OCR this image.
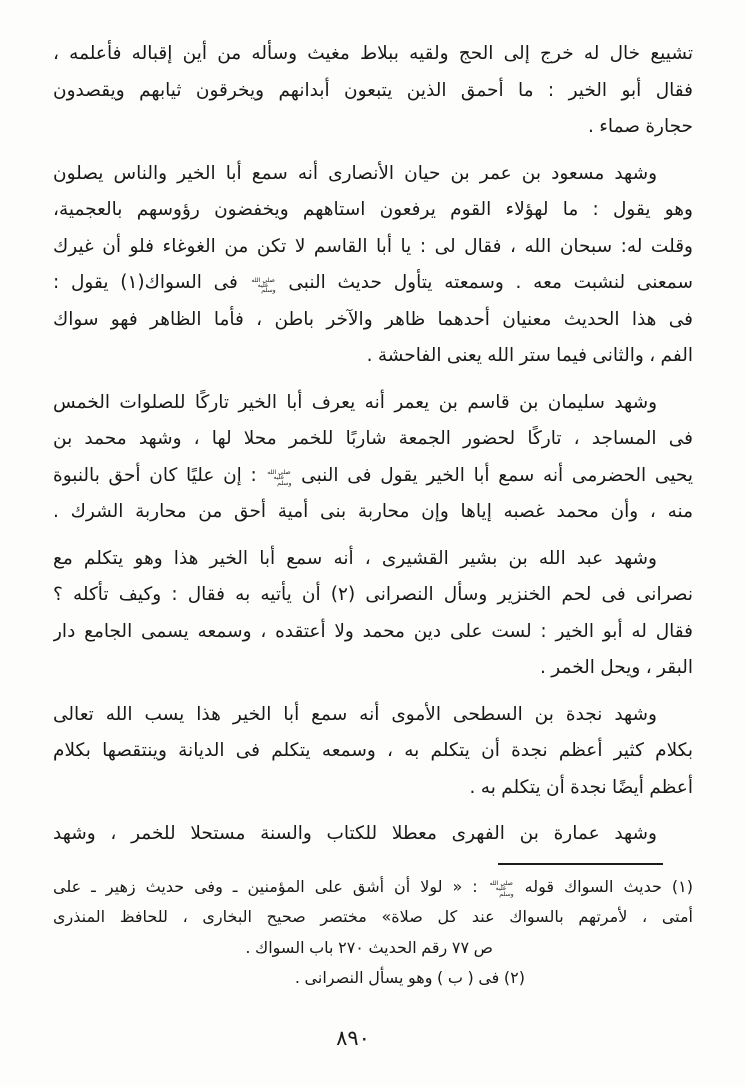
تشييع خال له خرج إلى الحج ولقيه ببلاط مغيث وسأله من أين إقباله فأعلمه ،
فقال أبو الخير : ما أحمق الذين يتبعون أبدانهم ويخرقون ثيابهم ويقصدون
حجارة صماء .
وشهد مسعود بن عمر بن حيان الأنصارى أنه سمع أبا الخير والناس يصلون
وهو يقول : ما لهؤلاء القوم يرفعون استاههم ويخفضون رؤوسهم بالعجمية،
وقلت له: سبحان الله ، فقال لى : يا أبا القاسم لا تكن من الغوغاء فلو أن غيرك
سمعنى لنشبت معه . وسمعته يتأول حديث النبى صلى الله عليه وسلم فى السواك(١) يقول :
فى هذا الحديث معنيان أحدهما ظاهر والآخر باطن ، فأما الظاهر فهو سواك
الفم ، والثانى فيما ستر الله يعنى الفاحشة .
وشهد سليمان بن قاسم بن يعمر أنه يعرف أبا الخير تاركًا للصلوات الخمس
فى المساجد ، تاركًا لحضور الجمعة شاربًا للخمر محلا لها ، وشهد محمد بن
يحيى الحضرمى أنه سمع أبا الخير يقول فى النبى صلى الله عليه وسلم : إن عليًا كان أحق بالنبوة
منه ، وأن محمد غصبه إياها وإن محاربة بنى أمية أحق من محاربة الشرك .
وشهد عبد الله بن بشير القشيرى ، أنه سمع أبا الخير هذا وهو يتكلم مع
نصرانى فى لحم الخنزير وسأل النصرانى (٢) أن يأتيه به فقال : وكيف تأكله ؟
فقال له أبو الخير : لست على دين محمد ولا أعتقده ، وسمعه يسمى الجامع دار
البقر ، ويحل الخمر .
وشهد نجدة بن السطحى الأموى أنه سمع أبا الخير هذا يسب الله تعالى
بكلام كثير أعظم نجدة أن يتكلم به ، وسمعه يتكلم فى الديانة وينتقصها بكلام
أعظم أيضًا نجدة أن يتكلم به .
وشهد عمارة بن الفهرى معطلا للكتاب والسنة مستحلا للخمر ، وشهد
(١) حديث السواك قوله صلى الله عليه وسلم : « لولا أن أشق على المؤمنين ـ وفى حديث زهير ـ على
أمتى ، لأمرتهم بالسواك عند كل صلاة» مختصر صحيح البخارى ، للحافظ المنذرى
ص ٧٧ رقم الحديث ٢٧٠ باب السواك .
(٢) فى ( ب ) وهو يسأل النصرانى .
٨٩٠
